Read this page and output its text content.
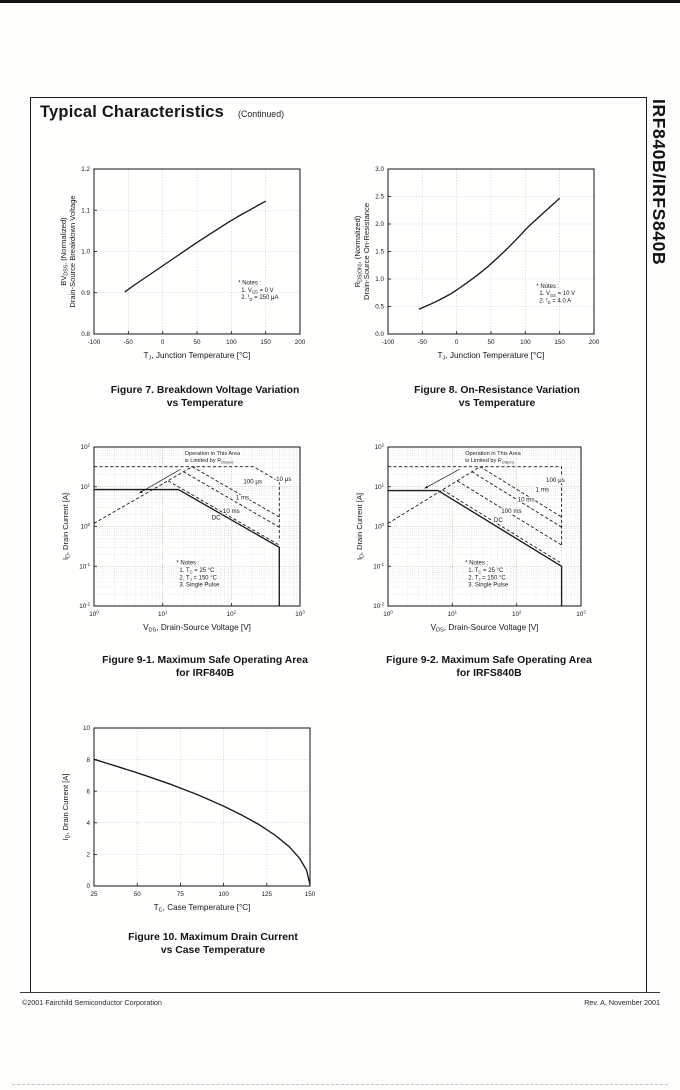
Typical Characteristics (Continued)	IRF840B/IRFS840B
-100	-50	0	50	100	150	200
0.8
0.9
1.0
1.1
1.2
$T_J$, Junction Temperature [°C]
$BV_{DSS}$, (Normalized) Drain-Source Breakdown Voltage	* Notes :
1. $V_{GS} = 0$ V
2. $I_D = 250$ μA
-100	-50	0	50	100	150	200
0.0
0.5
1.0
1.5
2.0
2.5
3.0
$T_J$, Junction Temperature [°C]
$R_{DS(ON)}$, (Normalized) Drain-Source On-Resistance	* Notes :
1. $V_{GS} = 10$ V
2. $I_D = 4.0$ A
$10^0$	$10^1$	$10^2$	$10^3$
$10^{-2}$
$10^{-1}$
$10^0$
$10^1$
$10^2$
$V_{DS}$, Drain-Source Voltage [V]
$I_D$, Drain Current [A]
10 μs
100 μs
1 ms
10 ms
DC
* Notes :
1. $T_C = 25$ °C
2. $T_J = 150$ °C
3. Single Pulse
Operation in This Area
is Limited by $R_{DS(on)}$
$10^0$	$10^1$	$10^2$	$10^3$
$10^{-2}$
$10^{-1}$
$10^0$
$10^1$
$10^2$
$V_{DS}$, Drain-Source Voltage [V]
$I_D$, Drain Current [A]
100 μs
1 ms
10 ms
100 ms
DC
* Notes :
1. $T_C = 25$ °C
2. $T_J = 150$ °C
3. Single Pulse
Operation in This Area
is Limited by $R_{DS(on)}$
25	50	75	100	125	150
0
2
4
6
8
10
$T_C$, Case Temperature [°C]
$I_D$, Drain Current [A]
Figure 7. Breakdown Voltage Variation
vs Temperature
Figure 8. On-Resistance Variation
vs Temperature
Figure 9-1. Maximum Safe Operating Area
for IRF840B
Figure 9-2. Maximum Safe Operating Area
for IRFS840B
Figure 10. Maximum Drain Current
vs Case Temperature
©2001 Fairchild Semiconductor Corporation	Rev. A, November 2001
